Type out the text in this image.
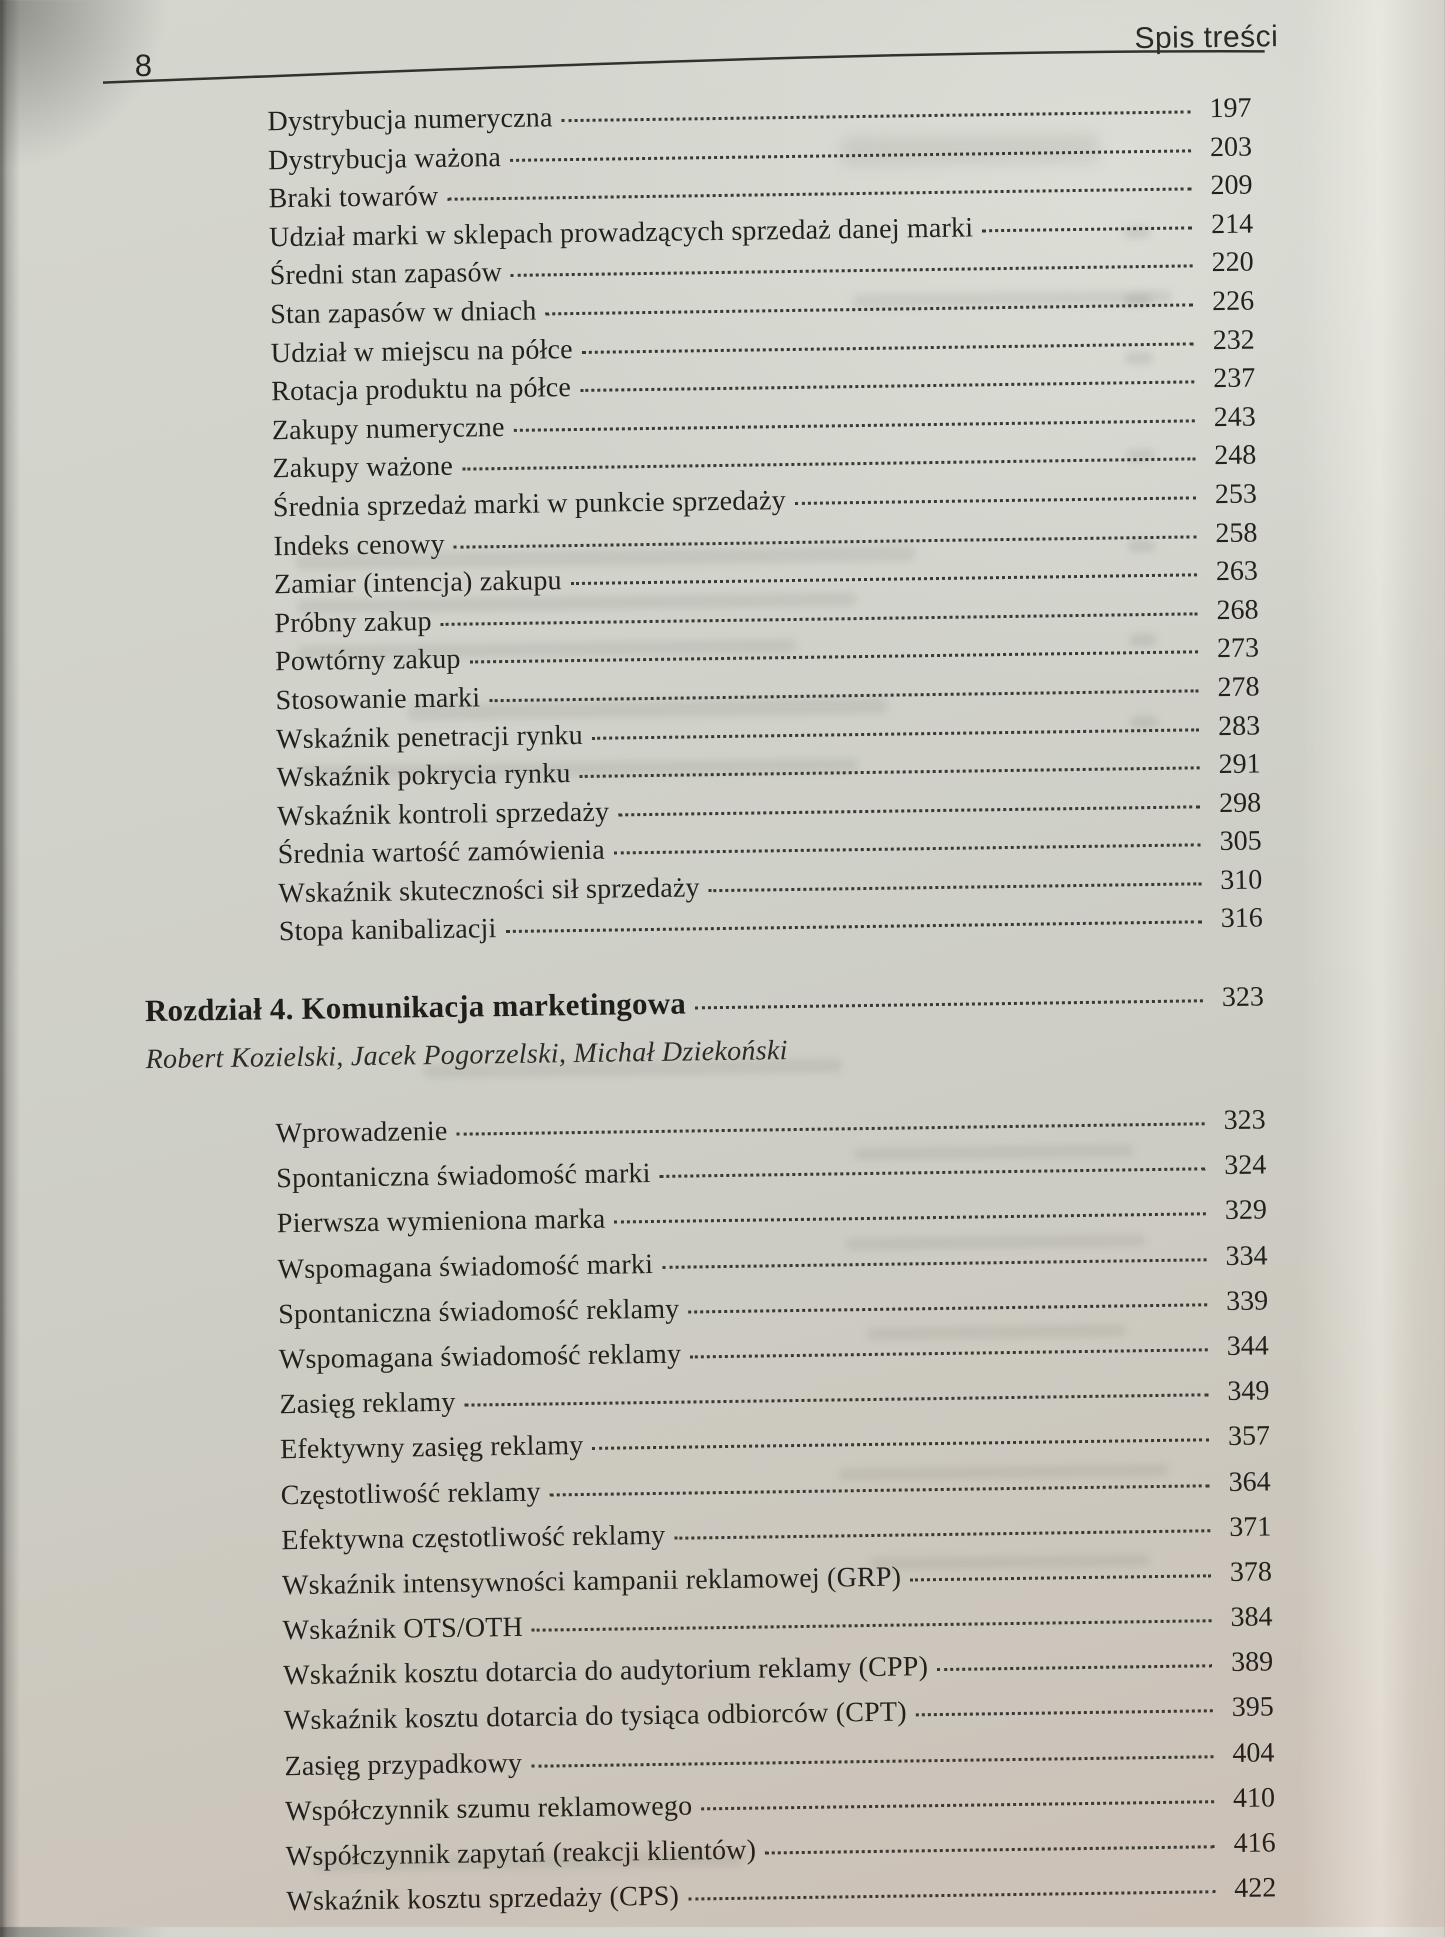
8
Spis treści
Dystrybucja numeryczna	197
Dystrybucja ważona	203
Braki towarów	209
Udział marki w sklepach prowadzących sprzedaż danej marki	214
Średni stan zapasów	220
Stan zapasów w dniach	226
Udział w miejscu na półce	232
Rotacja produktu na półce	237
Zakupy numeryczne	243
Zakupy ważone	248
Średnia sprzedaż marki w punkcie sprzedaży	253
Indeks cenowy	258
Zamiar (intencja) zakupu	263
Próbny zakup	268
Powtórny zakup	273
Stosowanie marki	278
Wskaźnik penetracji rynku	283
Wskaźnik pokrycia rynku	291
Wskaźnik kontroli sprzedaży	298
Średnia wartość zamówienia	305
Wskaźnik skuteczności sił sprzedaży	310
Stopa kanibalizacji	316
Rozdział 4. Komunikacja marketingowa	323
Robert Kozielski, Jacek Pogorzelski, Michał Dziekoński
Wprowadzenie	323
Spontaniczna świadomość marki	324
Pierwsza wymieniona marka	329
Wspomagana świadomość marki	334
Spontaniczna świadomość reklamy	339
Wspomagana świadomość reklamy	344
Zasięg reklamy	349
Efektywny zasięg reklamy	357
Częstotliwość reklamy	364
Efektywna częstotliwość reklamy	371
Wskaźnik intensywności kampanii reklamowej (GRP)	378
Wskaźnik OTS/OTH	384
Wskaźnik kosztu dotarcia do audytorium reklamy (CPP)	389
Wskaźnik kosztu dotarcia do tysiąca odbiorców (CPT)	395
Zasięg przypadkowy	404
Współczynnik szumu reklamowego	410
Współczynnik zapytań (reakcji klientów)	416
Wskaźnik kosztu sprzedaży (CPS)	422
